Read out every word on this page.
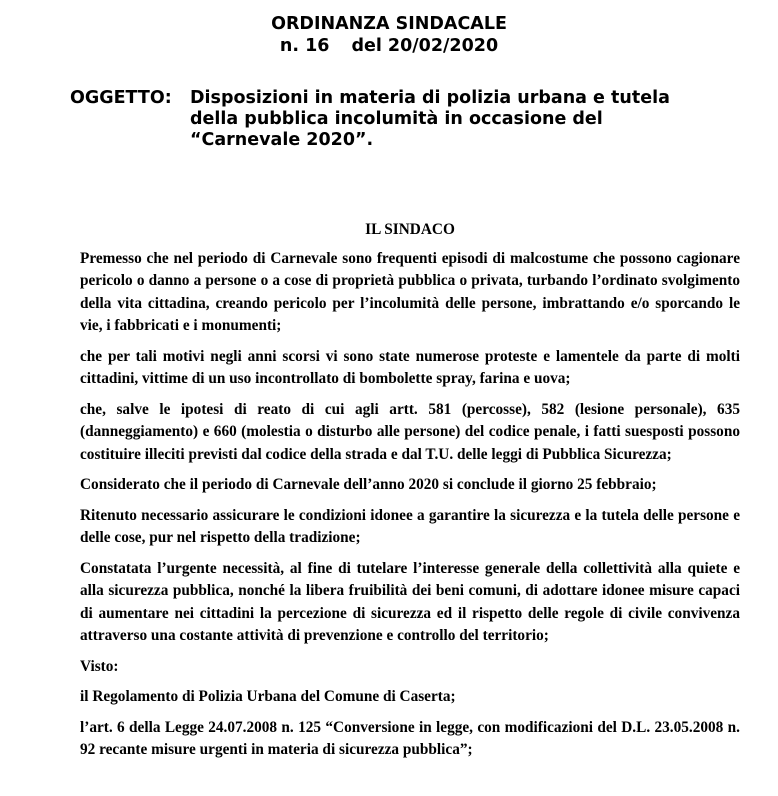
ORDINANZA SINDACALE
n. 16 del 20/02/2020
OGGETTO:	Disposizioni in materia di polizia urbana e tutela
della pubblica incolumità in occasione del
“Carnevale 2020”.
IL SINDACO

Premesso che nel periodo di Carnevale sono frequenti episodi di malcostume che possono cagionare pericolo o danno a persone o a cose di proprietà pubblica o privata, turbando l’ordinato svolgimento della vita cittadina, creando pericolo per l’incolumità delle persone, imbrattando e/o sporcando le vie, i fabbricati e i monumenti;

che per tali motivi negli anni scorsi vi sono state numerose proteste e lamentele da parte di molti cittadini, vittime di un uso incontrollato di bombolette spray, farina e uova;

che, salve le ipotesi di reato di cui agli artt. 581 (percosse), 582 (lesione personale), 635 (danneggiamento) e 660 (molestia o disturbo alle persone) del codice penale, i fatti suesposti possono costituire illeciti previsti dal codice della strada e dal T.U. delle leggi di Pubblica Sicurezza;

Considerato che il periodo di Carnevale dell’anno 2020 si conclude il giorno 25 febbraio;

Ritenuto necessario assicurare le condizioni idonee a garantire la sicurezza e la tutela delle persone e delle cose, pur nel rispetto della tradizione;

Constatata l’urgente necessità, al fine di tutelare l’interesse generale della collettività alla quiete e alla sicurezza pubblica, nonché la libera fruibilità dei beni comuni, di adottare idonee misure capaci di aumentare nei cittadini la percezione di sicurezza ed il rispetto delle regole di civile convivenza attraverso una costante attività di prevenzione e controllo del territorio;

Visto:

il Regolamento di Polizia Urbana del Comune di Caserta;

l’art. 6 della Legge 24.07.2008 n. 125 “Conversione in legge, con modificazioni del D.L. 23.05.2008 n. 92 recante misure urgenti in materia di sicurezza pubblica”;
